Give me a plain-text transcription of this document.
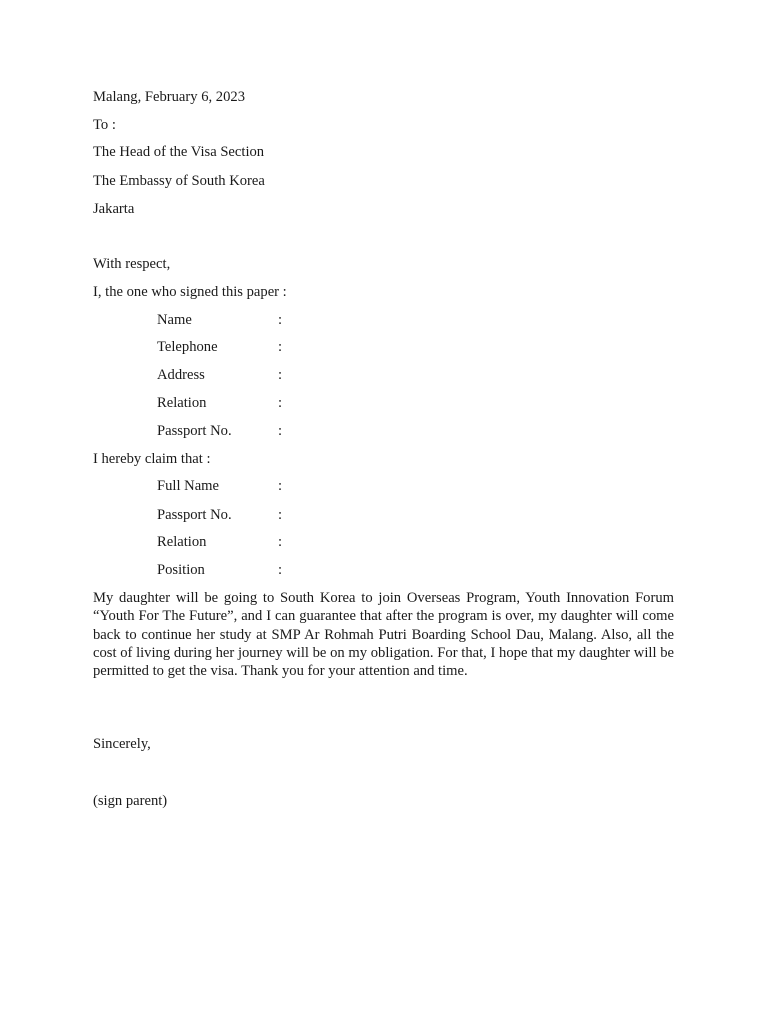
Malang, February 6, 2023
To :
The Head of the Visa Section
The Embassy of South Korea
Jakarta
With respect,
I, the one who signed this paper :
Name	:
Telephone	:
Address	:
Relation	:
Passport No.	:
I hereby claim that :
Full Name	:
Passport No.	:
Relation	:
Position	:

My daughter will be going to South Korea to join Overseas Program, Youth Innovation Forum “Youth For The Future”, and I can guarantee that after the program is over, my daughter will come back to continue her study at SMP Ar Rohmah Putri Boarding School Dau, Malang. Also, all the cost of living during her journey will be on my obligation. For that, I hope that my daughter will be permitted to get the visa. Thank you for your attention and time.

Sincerely,
(sign parent)
